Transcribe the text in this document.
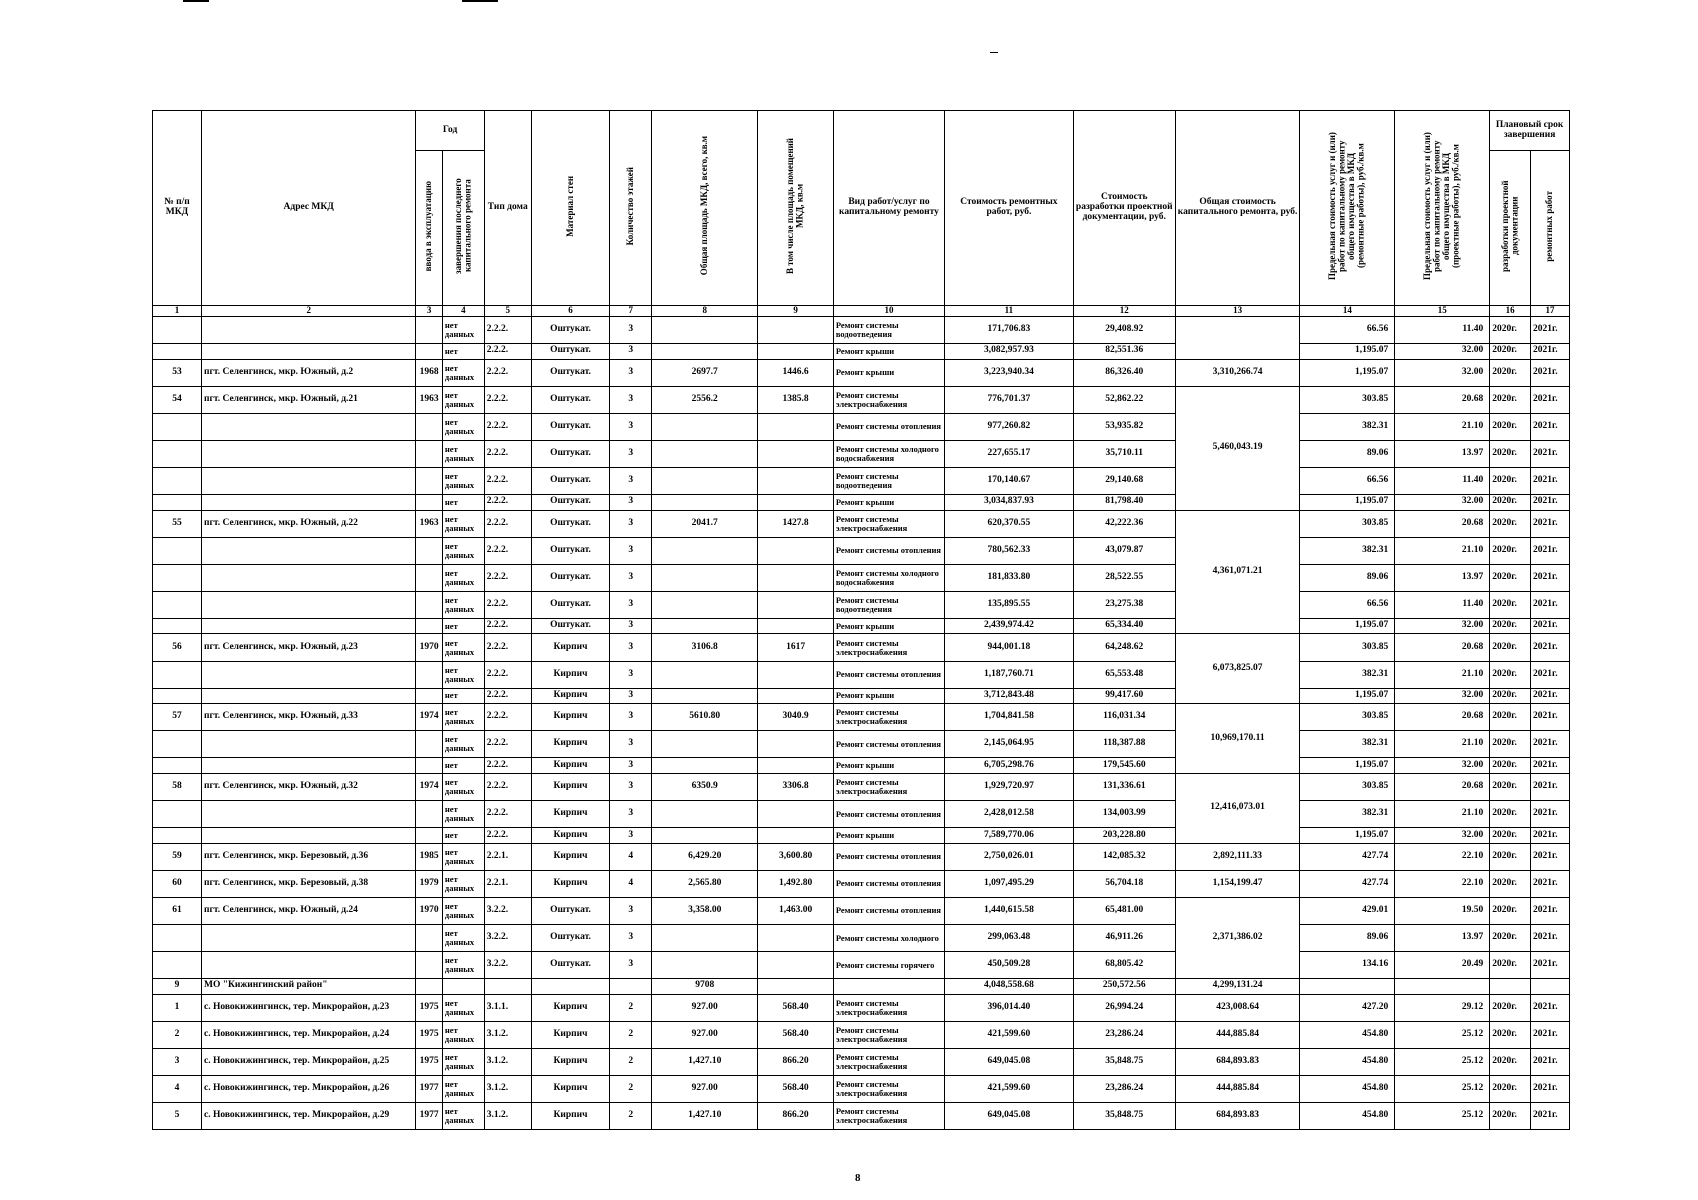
№ п/п МКД	Адрес МКД	Год		Тип дома	Материал стен	Количество этажей	Общая площадь МКД, всего, кв.м	В том числе площадь помещений МКД, кв.м	Вид работ/услуг по капитальному ремонту	Стоимость ремонтных работ, руб.	Стоимость разработки проектной документации, руб.	Общая стоимость капитального ремонта, руб.	Предельная стоимость услуг и (или) работ по капитальному ремонту общего имущества в МКД (ремонтные работы), руб./кв.м	Предельная стоимость услуг и (или) работ по капитальному ремонту общего имущества в МКД (проектные работы), руб./кв.м	Плановый срок завершения	
		ввода в эксплуатацию	завершения последнего капитального ремонта												разработки проектной документации	ремонтных работ
1	2	3	4	5	6	7	8	9	10	11	12	13	14	15	16	17
			нет данных	2.2.2.	Оштукат.	3			Ремонт системы водоотведения	171,706.83	29,408.92		66.56	11.40	2020г.	2021г.
			нет	2.2.2.	Оштукат.	3			Ремонт крыши	3,082,957.93	82,551.36		1,195.07	32.00	2020г.	2021г.
53	пгт. Селенгинск, мкр. Южный, д.2	1968	нет данных	2.2.2.	Оштукат.	3	2697.7	1446.6	Ремонт крыши	3,223,940.34	86,326.40	3,310,266.74	1,195.07	32.00	2020г.	2021г.
54	пгт. Селенгинск, мкр. Южный, д.21	1963	нет данных	2.2.2.	Оштукат.	3	2556.2	1385.8	Ремонт системы электроснабжения	776,701.37	52,862.22	5,460,043.19	303.85	20.68	2020г.	2021г.
			нет данных	2.2.2.	Оштукат.	3			Ремонт системы отопления	977,260.82	53,935.82		382.31	21.10	2020г.	2021г.
			нет данных	2.2.2.	Оштукат.	3			Ремонт системы холодного водоснабжения	227,655.17	35,710.11		89.06	13.97	2020г.	2021г.
			нет данных	2.2.2.	Оштукат.	3			Ремонт системы водоотведения	170,140.67	29,140.68		66.56	11.40	2020г.	2021г.
			нет	2.2.2.	Оштукат.	3			Ремонт крыши	3,034,837.93	81,798.40		1,195.07	32.00	2020г.	2021г.
55	пгт. Селенгинск, мкр. Южный, д.22	1963	нет данных	2.2.2.	Оштукат.	3	2041.7	1427.8	Ремонт системы электроснабжения	620,370.55	42,222.36	4,361,071.21	303.85	20.68	2020г.	2021г.
			нет данных	2.2.2.	Оштукат.	3			Ремонт системы отопления	780,562.33	43,079.87		382.31	21.10	2020г.	2021г.
			нет данных	2.2.2.	Оштукат.	3			Ремонт системы холодного водоснабжения	181,833.80	28,522.55		89.06	13.97	2020г.	2021г.
			нет данных	2.2.2.	Оштукат.	3			Ремонт системы водоотведения	135,895.55	23,275.38		66.56	11.40	2020г.	2021г.
			нет	2.2.2.	Оштукат.	3			Ремонт крыши	2,439,974.42	65,334.40		1,195.07	32.00	2020г.	2021г.
56	пгт. Селенгинск, мкр. Южный, д.23	1970	нет данных	2.2.2.	Кирпич	3	3106.8	1617	Ремонт системы электроснабжения	944,001.18	64,248.62	6,073,825.07	303.85	20.68	2020г.	2021г.
			нет данных	2.2.2.	Кирпич	3			Ремонт системы отопления	1,187,760.71	65,553.48		382.31	21.10	2020г.	2021г.
			нет	2.2.2.	Кирпич	3			Ремонт крыши	3,712,843.48	99,417.60		1,195.07	32.00	2020г.	2021г.
57	пгт. Селенгинск, мкр. Южный, д.33	1974	нет данных	2.2.2.	Кирпич	3	5610.80	3040.9	Ремонт системы электроснабжения	1,704,841.58	116,031.34	10,969,170.11	303.85	20.68	2020г.	2021г.
			нет данных	2.2.2.	Кирпич	3			Ремонт системы отопления	2,145,064.95	118,387.88		382.31	21.10	2020г.	2021г.
			нет	2.2.2.	Кирпич	3			Ремонт крыши	6,705,298.76	179,545.60		1,195.07	32.00	2020г.	2021г.
58	пгт. Селенгинск, мкр. Южный, д.32	1974	нет данных	2.2.2.	Кирпич	3	6350.9	3306.8	Ремонт системы электроснабжения	1,929,720.97	131,336.61	12,416,073.01	303.85	20.68	2020г.	2021г.
			нет данных	2.2.2.	Кирпич	3			Ремонт системы отопления	2,428,012.58	134,003.99		382.31	21.10	2020г.	2021г.
			нет	2.2.2.	Кирпич	3			Ремонт крыши	7,589,770.06	203,228.80		1,195.07	32.00	2020г.	2021г.
59	пгт. Селенгинск, мкр. Березовый, д.36	1985	нет данных	2.2.1.	Кирпич	4	6,429.20	3,600.80	Ремонт системы отопления	2,750,026.01	142,085.32	2,892,111.33	427.74	22.10	2020г.	2021г.
60	пгт. Селенгинск, мкр. Березовый, д.38	1979	нет данных	2.2.1.	Кирпич	4	2,565.80	1,492.80	Ремонт системы отопления	1,097,495.29	56,704.18	1,154,199.47	427.74	22.10	2020г.	2021г.
61	пгт. Селенгинск, мкр. Южный, д.24	1970	нет данных	3.2.2.	Оштукат.	3	3,358.00	1,463.00	Ремонт системы отопления	1,440,615.58	65,481.00	2,371,386.02	429.01	19.50	2020г.	2021г.
			нет данных	3.2.2.	Оштукат.	3			Ремонт системы холодного	299,063.48	46,911.26		89.06	13.97	2020г.	2021г.
			нет данных	3.2.2.	Оштукат.	3			Ремонт системы горячего	450,509.28	68,805.42		134.16	20.49	2020г.	2021г.
9	МО "Кижингинский район"						9708			4,048,558.68	250,572.56	4,299,131.24				
1	с. Новокижингинск, тер. Микрорайон, д.23	1975	нет данных	3.1.1.	Кирпич	2	927.00	568.40	Ремонт системы электроснабжения	396,014.40	26,994.24	423,008.64	427.20	29.12	2020г.	2021г.
2	с. Новокижингинск, тер. Микрорайон, д.24	1975	нет данных	3.1.2.	Кирпич	2	927.00	568.40	Ремонт системы электроснабжения	421,599.60	23,286.24	444,885.84	454.80	25.12	2020г.	2021г.
3	с. Новокижингинск, тер. Микрорайон, д.25	1975	нет данных	3.1.2.	Кирпич	2	1,427.10	866.20	Ремонт системы электроснабжения	649,045.08	35,848.75	684,893.83	454.80	25.12	2020г.	2021г.
4	с. Новокижингинск, тер. Микрорайон, д.26	1977	нет данных	3.1.2.	Кирпич	2	927.00	568.40	Ремонт системы электроснабжения	421,599.60	23,286.24	444,885.84	454.80	25.12	2020г.	2021г.
5	с. Новокижингинск, тер. Микрорайон, д.29	1977	нет данных	3.1.2.	Кирпич	2	1,427.10	866.20	Ремонт системы электроснабжения	649,045.08	35,848.75	684,893.83	454.80	25.12	2020г.	2021г.
8
